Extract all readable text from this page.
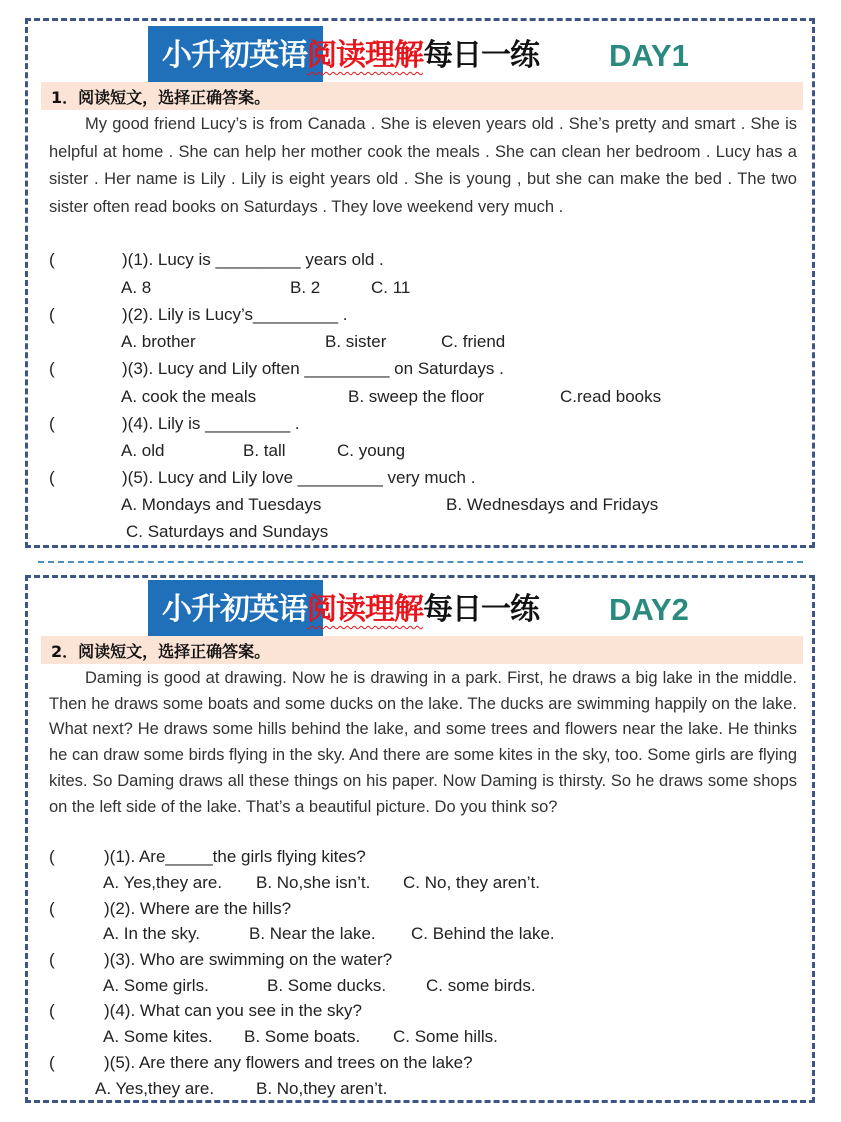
小升初英语阅读理解每日一练 DAY1
1．阅读短文，选择正确答案。
My good friend Lucy’s is from Canada . She is eleven years old . She’s pretty and smart . She is helpful at home . She can help her mother cook the meals . She can clean her bedroom . Lucy has a sister . Her name is Lily . Lily is eight years old . She is young , but she can make the bed . The two sister often read books on Saturdays . They love weekend very much .
(	)(1). Lucy is _________ years old .
A. 8	B. 2	C. 11
(	)(2). Lily is Lucy’s_________ .
A. brother	B. sister	C. friend
(	)(3). Lucy and Lily often _________ on Saturdays .
A. cook the meals	B. sweep the floor	C.read books
(	)(4). Lily is _________ .
A. old	B. tall	C. young
(	)(5). Lucy and Lily love _________ very much .
A. Mondays and Tuesdays	B. Wednesdays and Fridays
C. Saturdays and Sundays
小升初英语阅读理解每日一练 DAY2
2．阅读短文，选择正确答案。
Daming is good at drawing. Now he is drawing in a park. First, he draws a big lake in the middle. Then he draws some boats and some ducks on the lake. The ducks are swimming happily on the lake. What next? He draws some hills behind the lake, and some trees and flowers near the lake. He thinks he can draw some birds flying in the sky. And there are some kites in the sky, too. Some girls are flying kites. So Daming draws all these things on his paper. Now Daming is thirsty. So he draws some shops on the left side of the lake. That’s a beautiful picture. Do you think so?
(	)(1). Are_____the girls flying kites?
A. Yes,they are. B. No,she isn’t. C. No, they aren’t.
(	)(2). Where are the hills?
A. In the sky.	B. Near the lake. C. Behind the lake.
(	)(3). Who are swimming on the water?
A. Some girls.	B. Some ducks. C. some birds.
(	)(4). What can you see in the sky?
A. Some kites. B. Some boats. C. Some hills.
(	)(5). Are there any flowers and trees on the lake?
A. Yes,they are. B. No,they aren’t.
